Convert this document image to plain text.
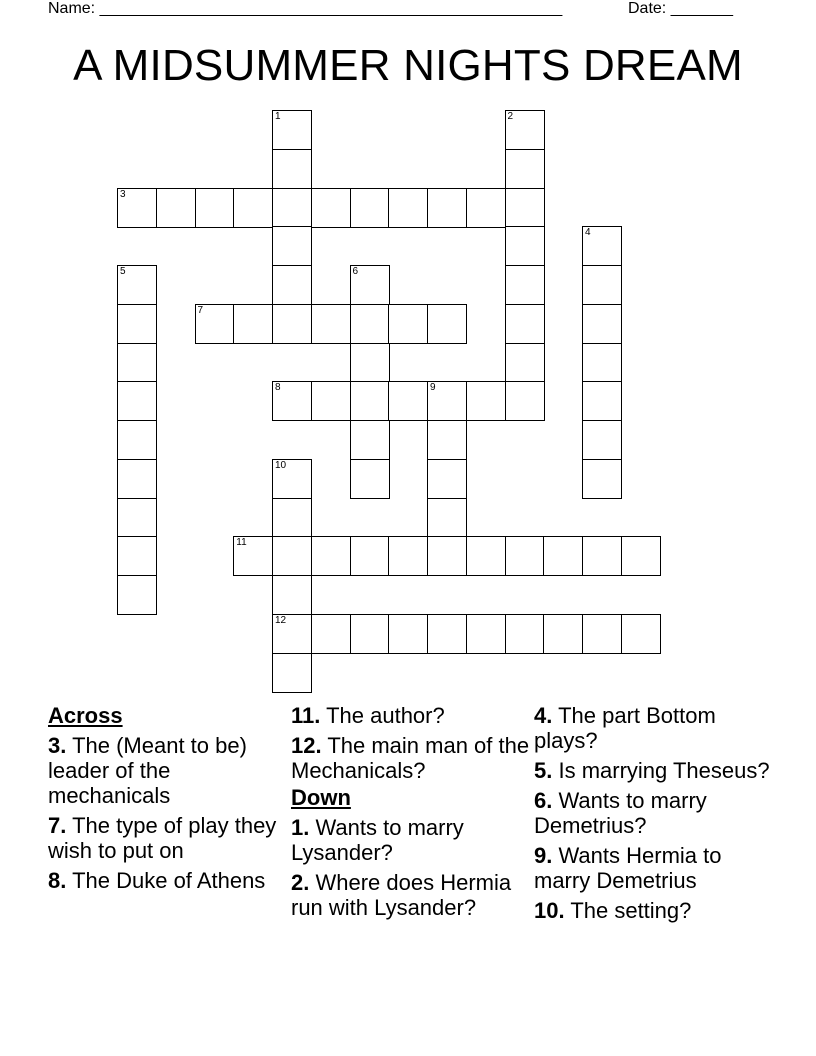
Name: ____________________________________________________	Date: _______
A MIDSUMMER NIGHTS DREAM
1	2
3
4
5	6
7
8	9
10
11
12
Across
3. The (Meant to be) leader of the mechanicals
7. The type of play they wish to put on
8. The Duke of Athens
11. The author?
12. The main man of the Mechanicals?
Down
1. Wants to marry Lysander?
2. Where does Hermia run with Lysander?
4. The part Bottom plays?
5. Is marrying Theseus?
6. Wants to marry Demetrius?
9. Wants Hermia to marry Demetrius
10. The setting?
